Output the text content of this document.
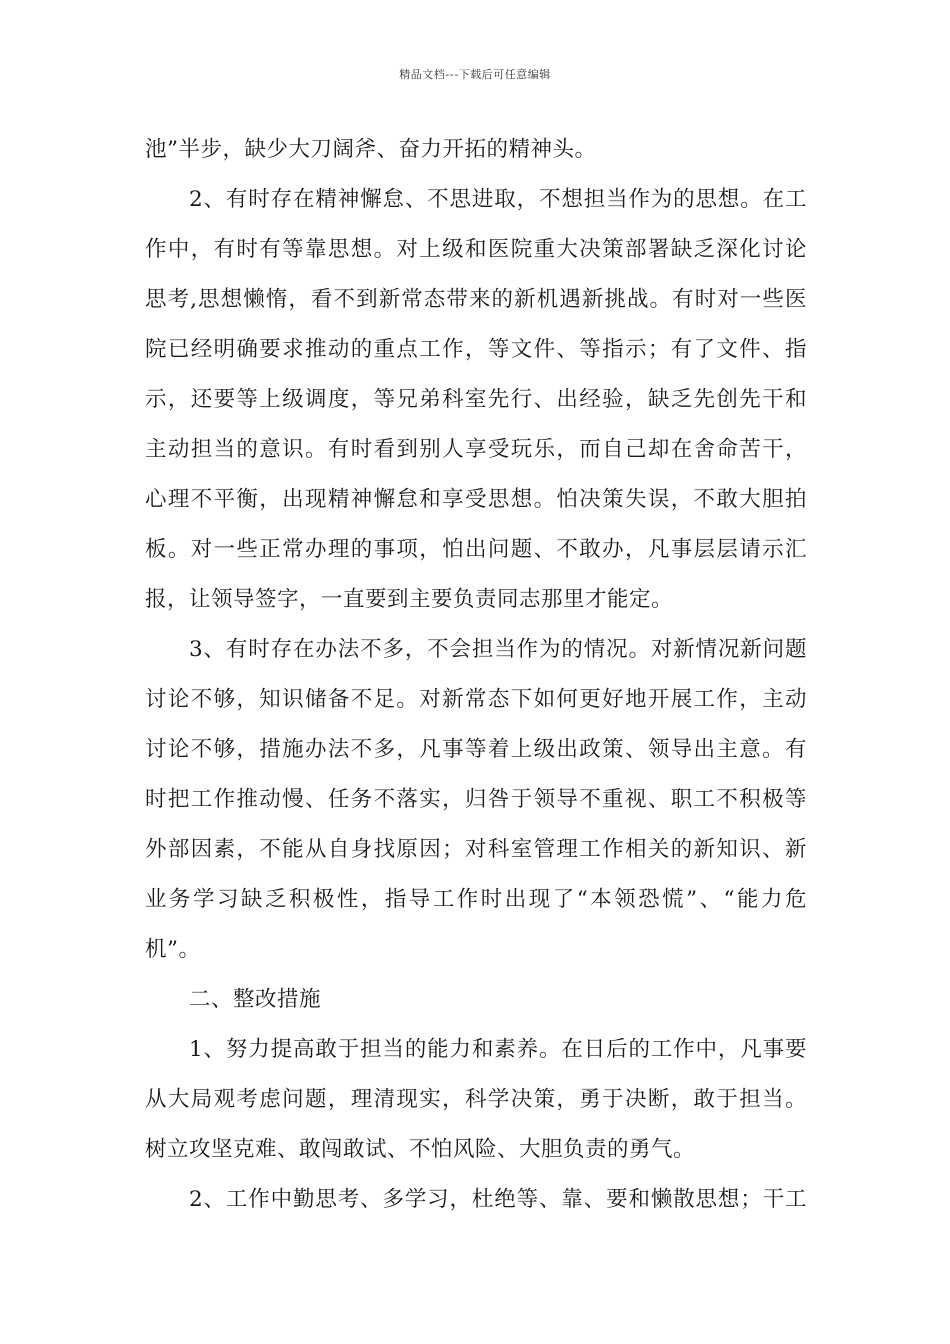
精品文档---下载后可任意编辑
池”半步，缺少大刀阔斧、奋力开拓的精神头。
2、有时存在精神懈怠、不思进取，不想担当作为的思想。在工
作中，有时有等靠思想。对上级和医院重大决策部署缺乏深化讨论
思考,思想懒惰，看不到新常态带来的新机遇新挑战。有时对一些医
院已经明确要求推动的重点工作，等文件、等指示；有了文件、指
示，还要等上级调度，等兄弟科室先行、出经验，缺乏先创先干和
主动担当的意识。有时看到别人享受玩乐，而自己却在舍命苦干，
心理不平衡，出现精神懈怠和享受思想。怕决策失误，不敢大胆拍
板。对一些正常办理的事项，怕出问题、不敢办，凡事层层请示汇
报，让领导签字，一直要到主要负责同志那里才能定。
3、有时存在办法不多，不会担当作为的情况。对新情况新问题
讨论不够，知识储备不足。对新常态下如何更好地开展工作，主动
讨论不够，措施办法不多，凡事等着上级出政策、领导出主意。有
时把工作推动慢、任务不落实，归咎于领导不重视、职工不积极等
外部因素，不能从自身找原因；对科室管理工作相关的新知识、新
业务学习缺乏积极性，指导工作时出现了“本领恐慌”、“能力危
机”。
二、整改措施
1、努力提高敢于担当的能力和素养。在日后的工作中，凡事要
从大局观考虑问题，理清现实，科学决策，勇于决断，敢于担当。
树立攻坚克难、敢闯敢试、不怕风险、大胆负责的勇气。
2、工作中勤思考、多学习，杜绝等、靠、要和懒散思想；干工
